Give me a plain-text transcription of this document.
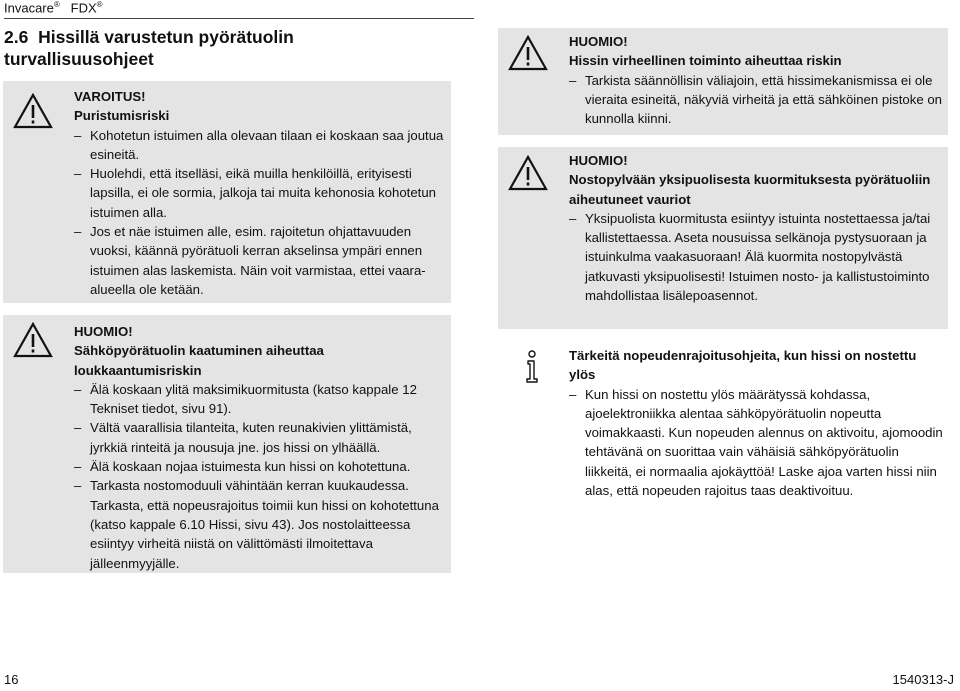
Invacare® FDX®
2.6 Hissillä varustetun pyörätuolin turvallisuusohjeet
VAROITUS!
Puristumisriski
– Kohotetun istuimen alla olevaan tilaan ei koskaan saa joutua esineitä.
– Huolehdi, että itselläsi, eikä muilla henkilöillä, erityisesti lapsilla, ei ole sormia, jalkoja tai muita kehonosia kohotetun istuimen alla.
– Jos et näe istuimen alle, esim. rajoitetun ohjattavuuden vuoksi, käännä pyörätuoli kerran akselinsa ympäri ennen istuimen alas laskemista. Näin voit varmistaa, ettei vaara-alueella ole ketään.
HUOMIO!
Sähköpyörätuolin kaatuminen aiheuttaa loukkaantumisriskin
– Älä koskaan ylitä maksimikuormitusta (katso kappale 12 Tekniset tiedot, sivu 91).
– Vältä vaarallisia tilanteita, kuten reunakivien ylittämistä, jyrkkiä rinteitä ja nousuja jne. jos hissi on ylhäällä.
– Älä koskaan nojaa istuimesta kun hissi on kohotettuna.
– Tarkasta nostomoduuli vähintään kerran kuukaudessa. Tarkasta, että nopeusrajoitus toimii kun hissi on kohotettuna (katso kappale 6.10 Hissi, sivu 43). Jos nostolaitteessa esiintyy virheitä niistä on välittömästi ilmoitettava jälleenmyyjälle.
HUOMIO!
Hissin virheellinen toiminto aiheuttaa riskin
– Tarkista säännöllisin väliajoin, että hissimekanismissa ei ole vieraita esineitä, näkyviä virheitä ja että sähköinen pistoke on kunnolla kiinni.
HUOMIO!
Nostopylvään yksipuolisesta kuormituksesta pyörätuoliin aiheutuneet vauriot
– Yksipuolista kuormitusta esiintyy istuinta nostettaessa ja/tai kallistettaessa. Aseta nousuissa selkänoja pystysuoraan ja istuinkulma vaakasuoraan! Älä kuormita nostopylvästä jatkuvasti yksipuolisesti! Istuimen nosto- ja kallistustoiminto mahdollistaa lisälepoasennot.
Tärkeitä nopeudenrajoitusohjeita, kun hissi on nostettu ylös
– Kun hissi on nostettu ylös määrätyssä kohdassa, ajoelektroniikka alentaa sähköpyörätuolin nopeutta voimakkaasti. Kun nopeuden alennus on aktivoitu, ajomoodin tehtävänä on suorittaa vain vähäisiä sähköpyörätuolin liikkeitä, ei normaalia ajokäyttöä! Laske ajoa varten hissi niin alas, että nopeuden rajoitus taas deaktivoituu.
16	1540313-J
